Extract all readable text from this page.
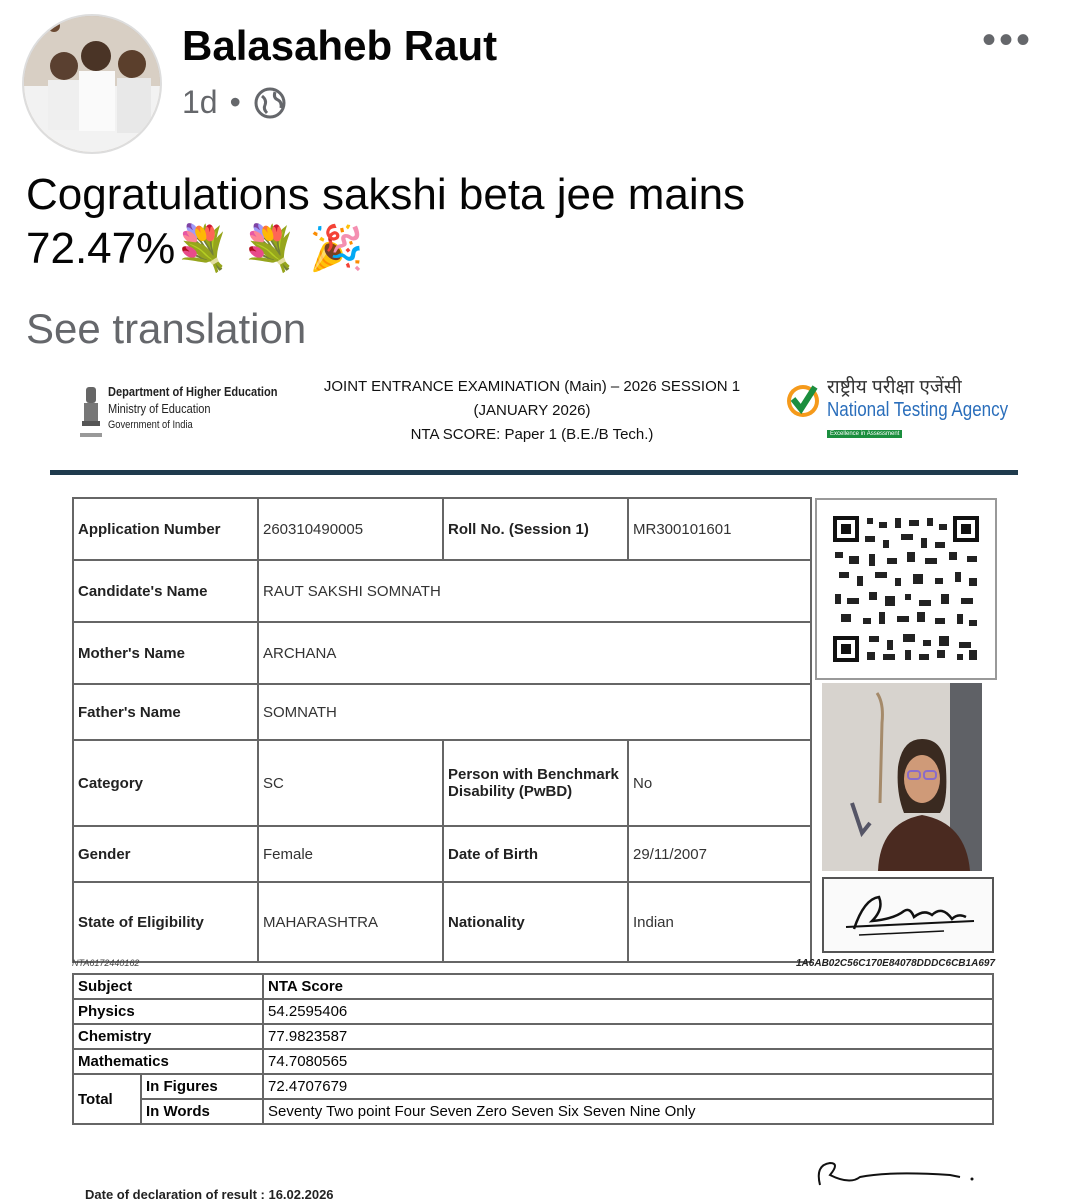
Balasaheb Raut
1d •
•••
Cogratulations sakshi beta jee mains
72.47%💐 💐 🎉
See translation
Department of Higher Education
Ministry of Education
Government of India
JOINT ENTRANCE EXAMINATION (Main) – 2026 SESSION 1
(JANUARY 2026)
NTA SCORE: Paper 1 (B.E./B Tech.)
राष्ट्रीय परीक्षा एजेंसी
National Testing Agency
Excellence in Assessment
Application Number	260310490005	Roll No. (Session 1)	MR300101601
Candidate's Name	RAUT SAKSHI SOMNATH		
Mother's Name	ARCHANA		
Father's Name	SOMNATH		
Category	SC	Person with Benchmark Disability (PwBD)	No
Gender	Female	Date of Birth	29/11/2007
State of Eligibility	MAHARASHTRA	Nationality	Indian
NTA6172440162	1A6AB02C56C170E84078DDDC6CB1A697
Subject		NTA Score
Physics		54.2595406
Chemistry		77.9823587
Mathematics		74.7080565
Total	In Figures	72.4707679
	In Words	Seventy Two point Four Seven Zero Seven Six Seven Nine Only
Date of declaration of result : 16.02.2026
